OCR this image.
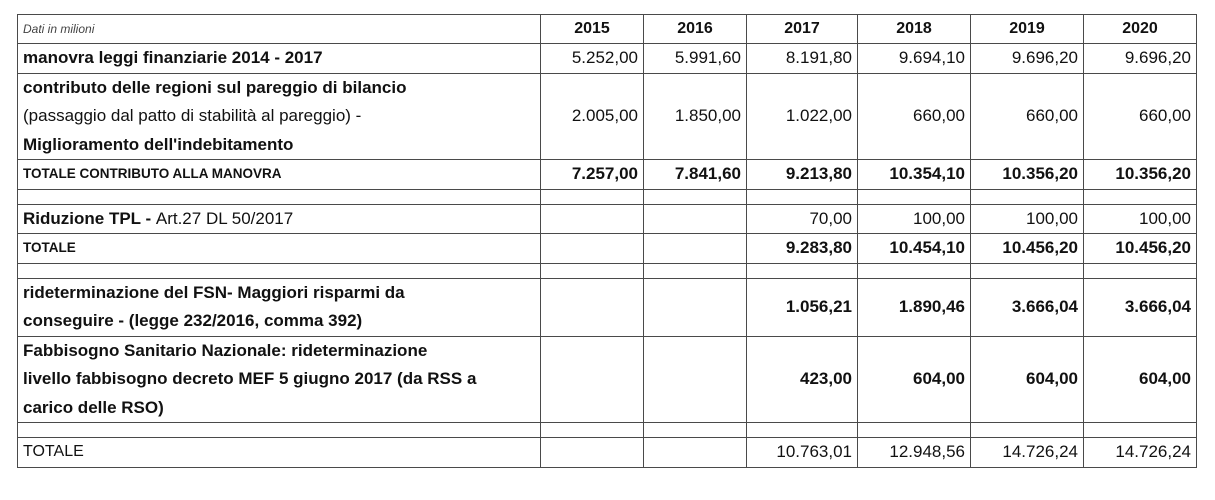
Dati in milioni	2015	2016	2017	2018	2019	2020
manovra leggi finanziarie 2014 - 2017	5.252,00	5.991,60	8.191,80	9.694,10	9.696,20	9.696,20

contributo delle regioni sul pareggio di bilancio
(passaggio dal patto di stabilità al pareggio) -
Miglioramento dell'indebitamento	2.005,00	1.850,00	1.022,00	660,00	660,00	660,00
TOTALE CONTRIBUTO ALLA MANOVRA	7.257,00	7.841,60	9.213,80	10.354,10	10.356,20	10.356,20

Riduzione TPL - Art.27 DL 50/2017			70,00	100,00	100,00	100,00
TOTALE			9.283,80	10.454,10	10.456,20	10.456,20

rideterminazione del FSN- Maggiori risparmi da
conseguire - (legge 232/2016, comma 392)			1.056,21	1.890,46	3.666,04	3.666,04

Fabbisogno Sanitario Nazionale: rideterminazione
livello fabbisogno decreto MEF 5 giugno 2017 (da RSS a
carico delle RSO)			423,00	604,00	604,00	604,00

TOTALE			10.763,01	12.948,56	14.726,24	14.726,24
